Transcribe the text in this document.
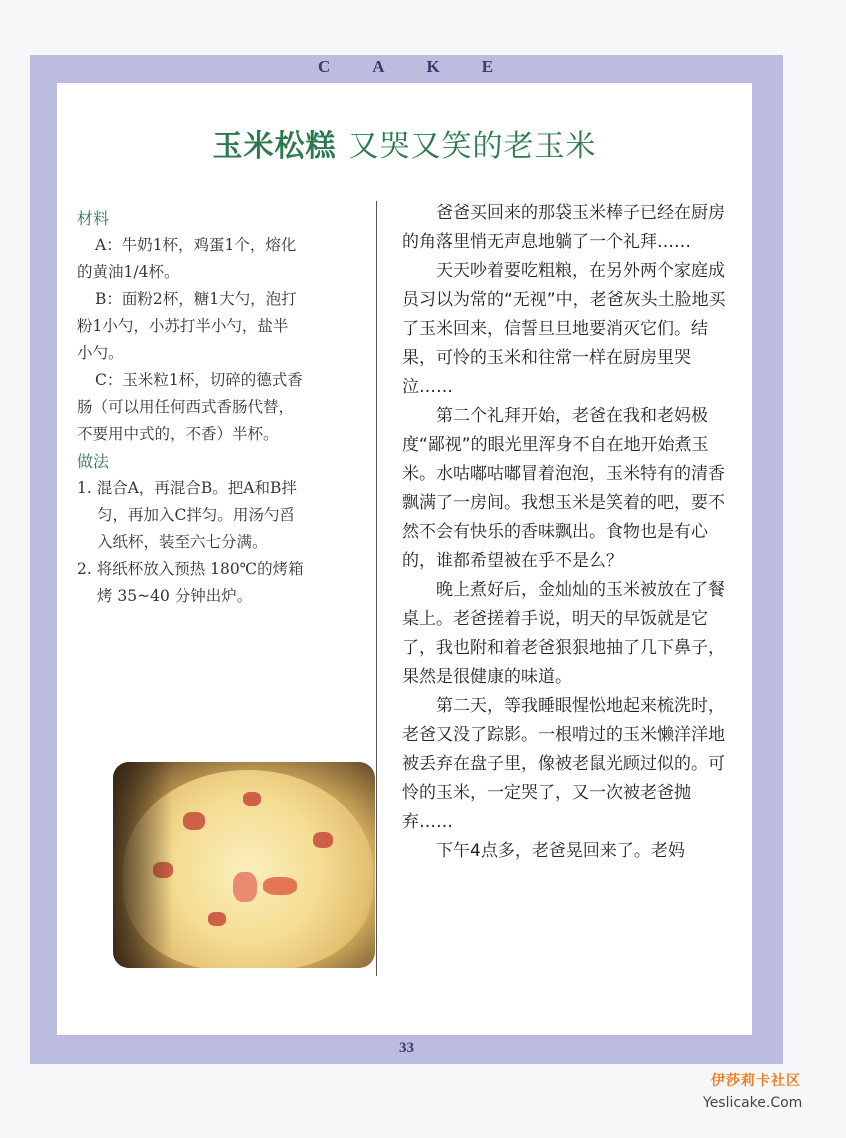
CAKE
玉米松糕 又哭又笑的老玉米
材料
A：牛奶1杯，鸡蛋1个，熔化
的黄油1/4杯。
B：面粉2杯，糖1大勺，泡打
粉1小勺，小苏打半小勺，盐半
小勺。
C：玉米粒1杯，切碎的德式香
肠（可以用任何西式香肠代替，
不要用中式的，不香）半杯。
做法
1. 混合A，再混合B。把A和B拌
匀，再加入C拌匀。用汤勺舀
入纸杯，装至六七分满。
2. 将纸杯放入预热 180℃的烤箱
烤 35~40 分钟出炉。

爸爸买回来的那袋玉米棒子已经在厨房的角落里悄无声息地躺了一个礼拜……

天天吵着要吃粗粮，在另外两个家庭成员习以为常的“无视”中，老爸灰头土脸地买了玉米回来，信誓旦旦地要消灭它们。结果，可怜的玉米和往常一样在厨房里哭泣……

第二个礼拜开始，老爸在我和老妈极度“鄙视”的眼光里浑身不自在地开始煮玉米。水咕嘟咕嘟冒着泡泡，玉米特有的清香飘满了一房间。我想玉米是笑着的吧，要不然不会有快乐的香味飘出。食物也是有心的，谁都希望被在乎不是么？

晚上煮好后，金灿灿的玉米被放在了餐桌上。老爸搓着手说，明天的早饭就是它了，我也附和着老爸狠狠地抽了几下鼻子，果然是很健康的味道。

第二天，等我睡眼惺忪地起来梳洗时，老爸又没了踪影。一根啃过的玉米懒洋洋地被丢弃在盘子里，像被老鼠光顾过似的。可怜的玉米，一定哭了，又一次被老爸抛弃……

下午4点多，老爸晃回来了。老妈

33
伊莎莉卡社区
Yeslicake.Com
